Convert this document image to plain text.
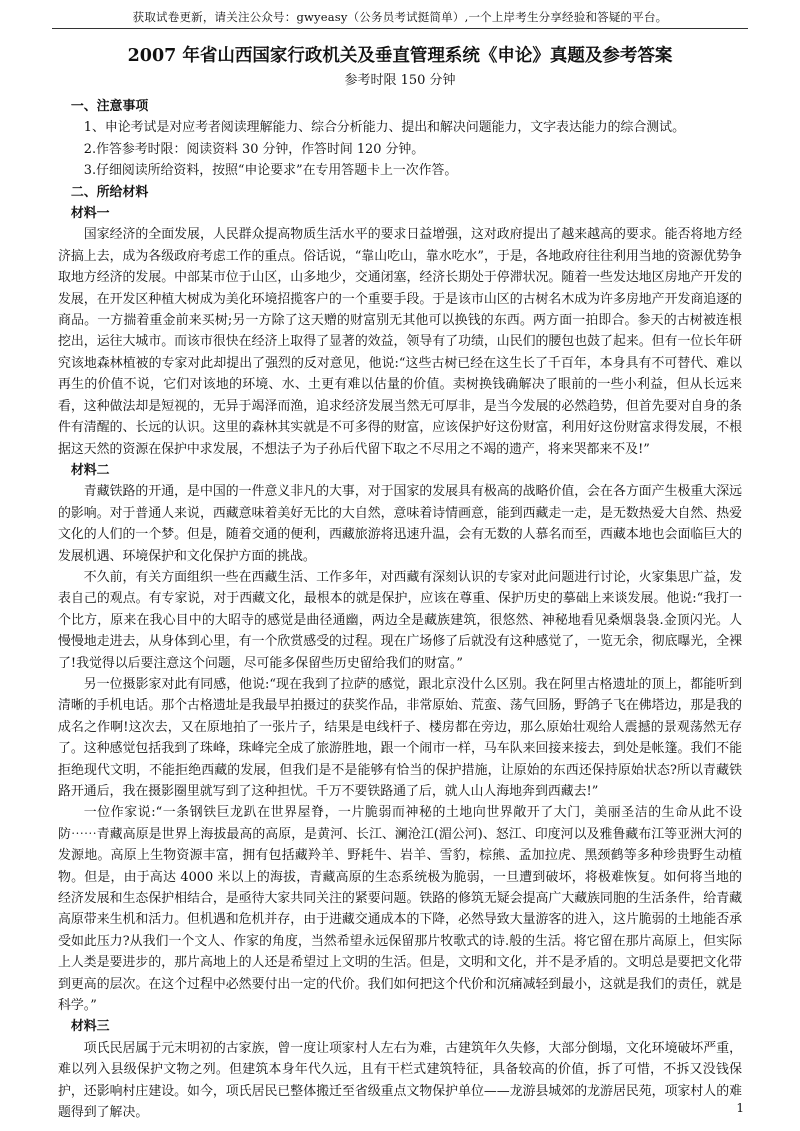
获取试卷更新，请关注公众号：gwyeasy（公务员考试挺简单）,一个上岸考生分享经验和答疑的平台。
2007 年省山西国家行政机关及垂直管理系统《申论》真题及参考答案
参考时限 150 分钟

一、注意事项

1、申论考试是对应考者阅读理解能力、综合分析能力、提出和解决问题能力，文字表达能力的综合测试。

2.作答参考时限：阅读资料 30 分钟，作答时间 120 分钟。

3.仔细阅读所给资料，按照“申论要求”在专用答题卡上一次作答。

二、所给材料

材料一

国家经济的全面发展，人民群众提高物质生活水平的要求日益增强，这对政府提出了越来越高的要求。能否将地方经济搞上去，成为各级政府考虑工作的重点。俗话说，“靠山吃山，靠水吃水”，于是，各地政府往往利用当地的资源优势争取地方经济的发展。中部某市位于山区，山多地少，交通闭塞，经济长期处于停滞状况。随着一些发达地区房地产开发的发展，在开发区种植大树成为美化环境招揽客户的一个重要手段。于是该市山区的古树名木成为许多房地产开发商追逐的商品。一方揣着重金前来买树;另一方除了这天赠的财富别无其他可以换钱的东西。两方面一拍即合。参天的古树被连根挖出，运往大城市。而该市很快在经济上取得了显著的效益，领导有了功绩，山民们的腰包也鼓了起来。但有一位长年研究该地森林植被的专家对此却提出了强烈的反对意见，他说:“这些古树已经在这生长了千百年，本身具有不可替代、难以再生的价值不说，它们对该地的环境、水、土更有难以估量的价值。卖树换钱确解决了眼前的一些小利益，但从长远来看，这种做法却是短视的，无异于竭泽而渔，追求经济发展当然无可厚非，是当今发展的必然趋势，但首先要对自身的条件有清醒的、长远的认识。这里的森林其实就是不可多得的财富，应该保护好这份财富，利用好这份财富求得发展，不根据这天然的资源在保护中求发展，不想法子为子孙后代留下取之不尽用之不竭的遗产，将来哭都来不及!”

材料二

青藏铁路的开通，是中国的一件意义非凡的大事，对于国家的发展具有极高的战略价值，会在各方面产生极重大深远的影响。对于普通人来说，西藏意味着美好无比的大自然，意味着诗情画意，能到西藏走一走，是无数热爱大自然、热爱文化的人们的一个梦。但是，随着交通的便利，西藏旅游将迅速升温，会有无数的人慕名而至，西藏本地也会面临巨大的发展机遇、环境保护和文化保护方面的挑战。

不久前，有关方面组织一些在西藏生活、工作多年，对西藏有深刻认识的专家对此问题进行讨论，火家集思广益，发表自己的观点。有专家说，对于西藏文化，最根本的就是保护，应该在尊重、保护历史的摹础上来谈发展。他说:“我打一个比方，原来在我心目中的大昭寺的感觉是曲径通幽，两边全是藏族建筑，很悠然、神秘地看见桑烟袅袅.金顶闪光。人慢慢地走进去，从身体到心里，有一个欣赏感受的过程。现在广场修了后就没有这种感觉了，一览无余，彻底曝光，全裸了!我觉得以后要注意这个问题，尽可能多保留些历史留给我们的财富。”

另一位摄影家对此有同感，他说:“现在我到了拉萨的感觉，跟北京没什么区别。我在阿里古格遗址的顶上，都能听到清晰的手机电话。那个古格遗址是我最早拍摄过的获奖作品，非常原始、荒蛮、荡气回肠，野鸽子飞在佛塔边，那是我的成名之作啊!这次去，又在原地拍了一张片子，结果是电线杆子、楼房都在旁边，那么原始壮观给人震撼的景观荡然无存了。这种感觉包括我到了珠峰，珠峰完全成了旅游胜地，跟一个闹市一样，马车队来回接来接去，到处是帐篷。我们不能拒绝现代文明，不能拒绝西藏的发展，但我们是不是能够有恰当的保护措施，让原始的东西还保持原始状态?所以青藏铁路开通后，我在摄影圈里就写到了这种担忧。千万不要铁路通了后，就人山人海地奔到西藏去!”

一位作家说:“一条钢铁巨龙趴在世界屋脊，一片脆弱而神秘的土地向世界敞开了大门，美丽圣洁的生命从此不设防⋯⋯青藏高原是世界上海拔最高的高原，是黄河、长江、澜沧江(湄公河)、怒江、印度河以及雅鲁藏布江等亚洲大河的发源地。高原上生物资源丰富，拥有包括藏羚羊、野耗牛、岩羊、雪豹，棕熊、孟加拉虎、黑颈鹤等多种珍贵野生动植物。但是，由于高达 4000 米以上的海拔，青藏高原的生态系统极为脆弱，一旦遭到破坏，将极难恢复。如何将当地的经济发展和生态保护相结合，是亟待大家共同关注的紧要问题。铁路的修筑无疑会提高广大藏族同胞的生活条件，给青藏高原带来生机和活力。但机遇和危机并存，由于进藏交通成本的下降，必然导致大量游客的进入，这片脆弱的土地能否承受如此压力?从我们一个文人、作家的角度，当然希望永远保留那片牧歌式的诗.般的生活。将它留在那片高原上，但实际上人类是要进步的，那片高地上的人还是希望过上文明的生活。但是，文明和文化，并不是矛盾的。文明总是要把文化带到更高的层次。在这个过程中必然要付出一定的代价。我们如何把这个代价和沉痛减轻到最小，这就是我们的责任，就是科学。”

材料三

项氏民居属于元末明初的古家族，曾一度让项家村人左右为难，古建筑年久失修，大部分倒塌，文化环境破坏严重，难以列入县级保护文物之列。但建筑本身年代久远，且有干栏式建筑特征，具备较高的价值，拆了可惜，不拆又没钱保护，还影响村庄建设。如今，项氏居民已整体搬迁至省级重点文物保护单位——龙游县城郊的龙游居民苑，项家村人的难题得到了解决。	1
